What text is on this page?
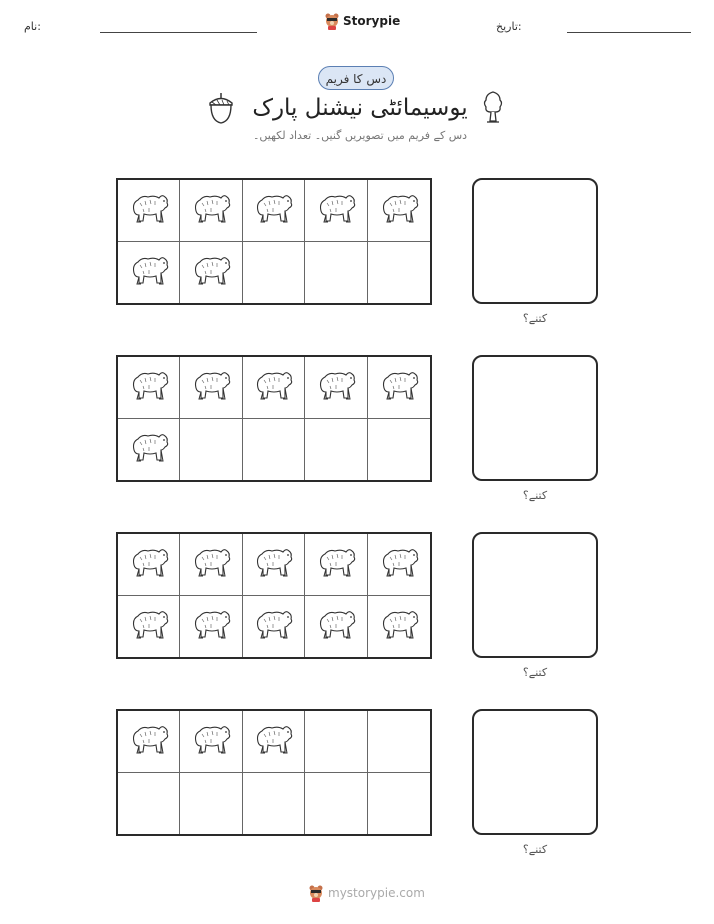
نام:	Storypie	تاریخ:
دس کا فریم
یوسیمائٹی نیشنل پارک
دس کے فریم میں تصویریں گنیں۔ تعداد لکھیں۔
کتنے؟
کتنے؟
کتنے؟
کتنے؟
mystorypie.com
